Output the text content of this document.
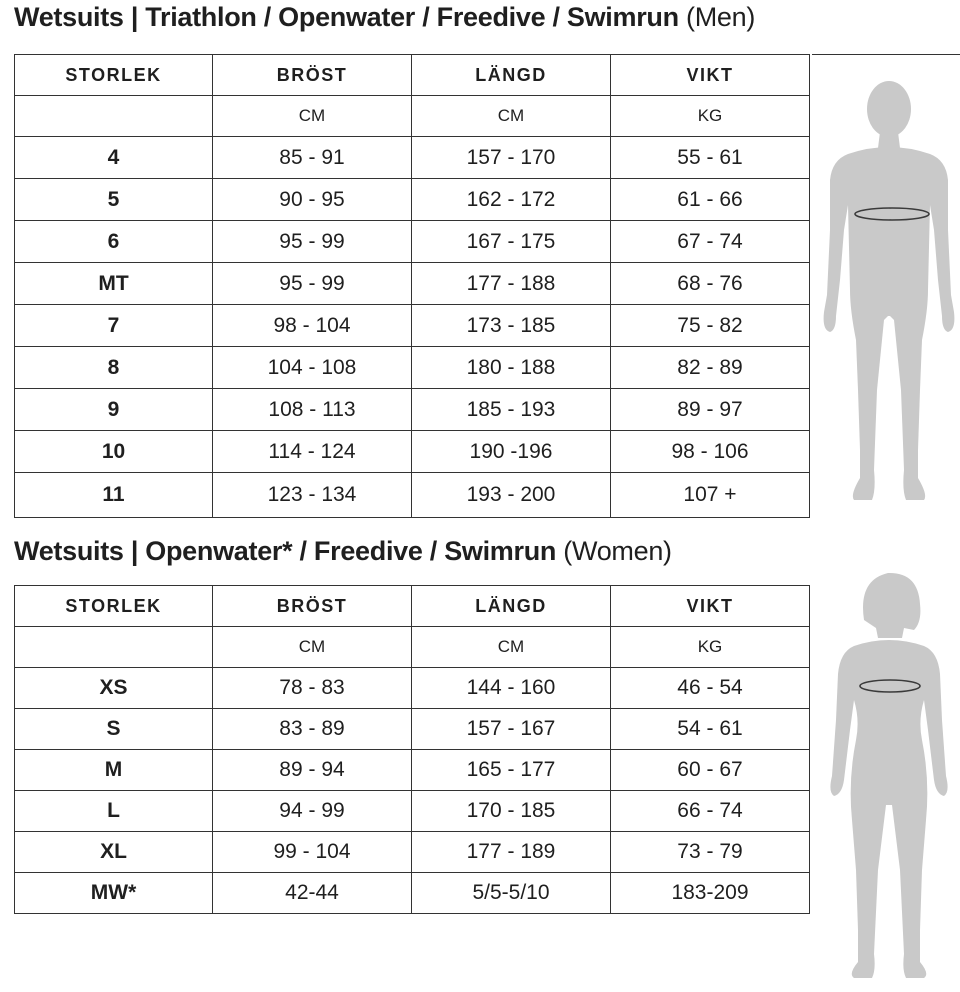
Wetsuits | Triathlon / Openwater / Freedive / Swimrun (Men)
STORLEK	BRÖST	LÄNGD	VIKT
	CM	CM	KG
4	85 - 91	157 - 170	55 - 61
5	90 - 95	162 - 172	61 - 66
6	95 - 99	167 - 175	67 - 74
MT	95 - 99	177 - 188	68 - 76
7	98 - 104	173 - 185	75 - 82
8	104 - 108	180 - 188	82 - 89
9	108 - 113	185 - 193	89 - 97
10	114 - 124	190 -196	98 - 106
11	123 - 134	193 - 200	107 +
Wetsuits | Openwater* / Freedive / Swimrun (Women)
STORLEK	BRÖST	LÄNGD	VIKT
	CM	CM	KG
XS	78 - 83	144 - 160	46 - 54
S	83 - 89	157 - 167	54 - 61
M	89 - 94	165 - 177	60 - 67
L	94 - 99	170 - 185	66 - 74
XL	99 - 104	177 - 189	73 - 79
MW*	42-44	5/5-5/10	183-209
